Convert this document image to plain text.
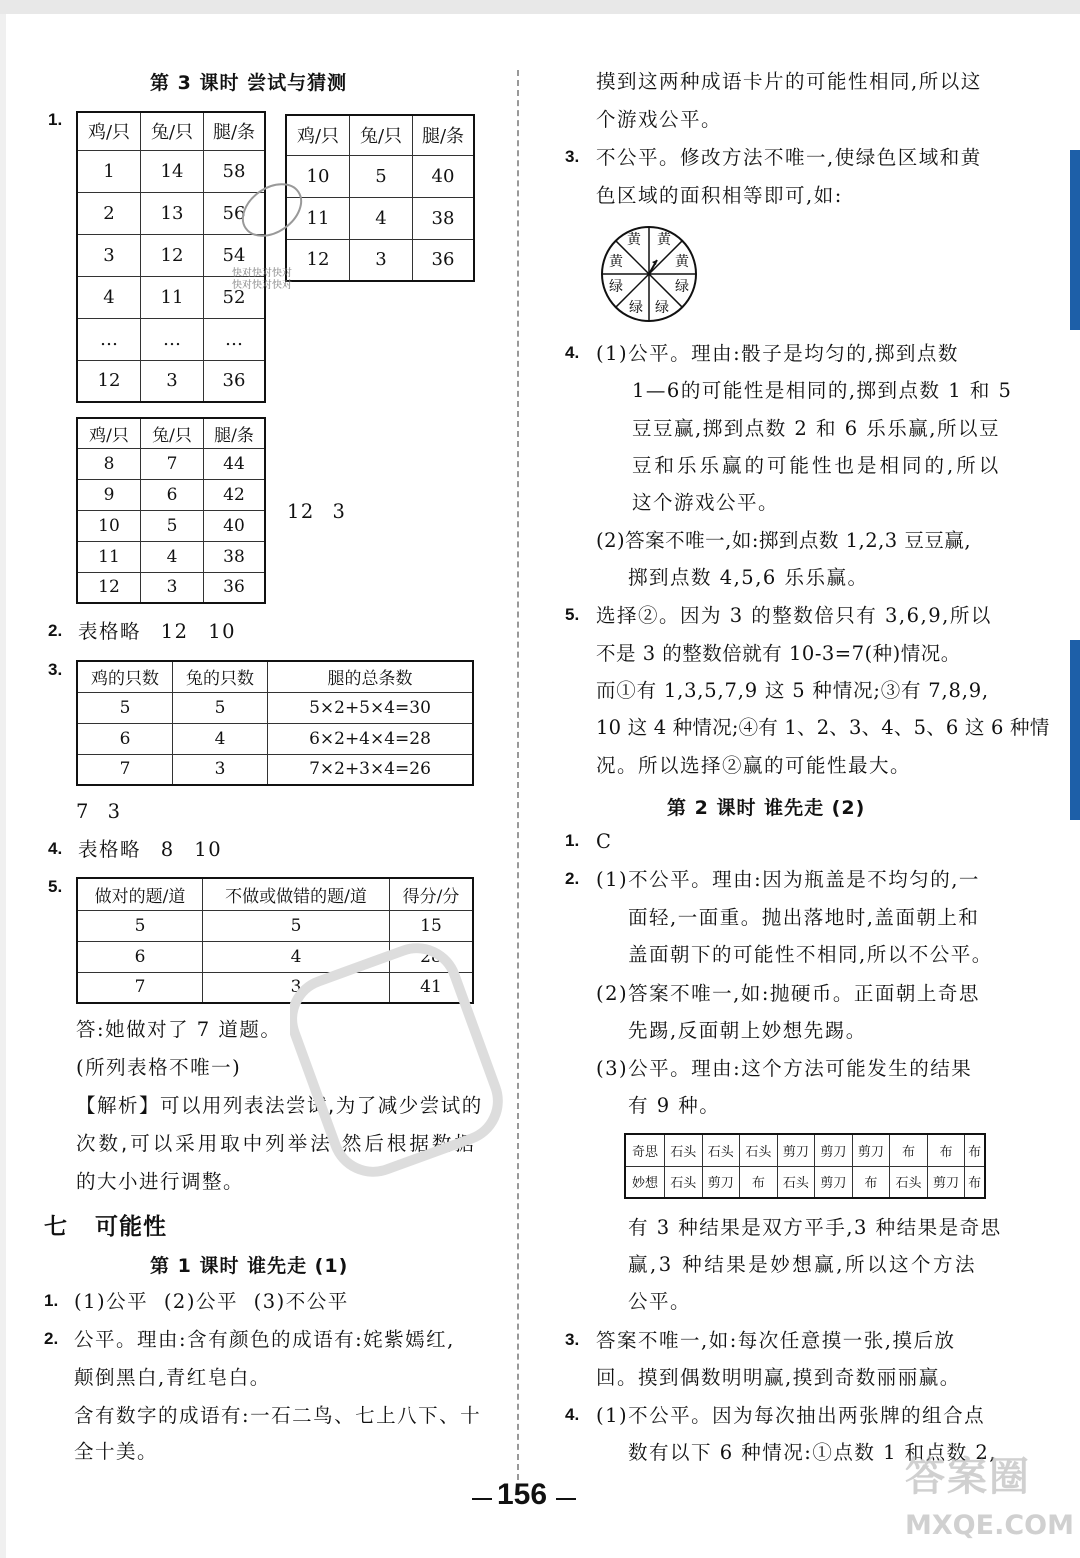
第 3 课时 尝试与猜测
1.
鸡/只	兔/只	腿/条
1	14	58
2	13	56
3	12	54
4	11	52
…	…	…
12	3	36
鸡/只	兔/只	腿/条
10	5	40
11	4	38
12	3	36
鸡/只	兔/只	腿/条
8	7	44
9	6	42
10	5	40
11	4	38
12	3	36
12 3
2. 表格略 12 10
3. 鸡的只数	兔的只数	腿的总条数
5	5	5×2+5×4=30
6	4	6×2+4×4=28
7	3	7×2+3×4=26
7 3
4. 表格略 8 10
5.
做对的题/道	不做或做错的题/道	得分/分
5	5	15
6	4	28
7	3	41
答:她做对了 7 道题。
(所列表格不唯一)
【解析】可以用列表法尝试,为了减少尝试的
次数,可以采用取中列举法,然后根据数据
的大小进行调整。
七 可能性
第 1 课时 谁先走 (1)
1. (1)公平 (2)公平 (3)不公平
2. 公平。理由:含有颜色的成语有:姹紫嫣红,
颠倒黑白,青红皂白。
含有数字的成语有:一石二鸟、七上八下、十
全十美。
摸到这两种成语卡片的可能性相同,所以这
个游戏公平。
3. 不公平。修改方法不唯一,使绿色区域和黄
色区域的面积相等即可,如:
黄 黄
黄	黄
绿	绿
绿 绿
4. (1)公平。理由:骰子是均匀的,掷到点数
1—6的可能性是相同的,掷到点数 1 和 5
豆豆赢,掷到点数 2 和 6 乐乐赢,所以豆
豆和乐乐赢的可能性也是相同的,所以
这个游戏公平。
(2)答案不唯一,如:掷到点数 1,2,3 豆豆赢,
掷到点数 4,5,6 乐乐赢。
5. 选择②。因为 3 的整数倍只有 3,6,9,所以
不是 3 的整数倍就有 10-3=7(种)情况。
而①有 1,3,5,7,9 这 5 种情况;③有 7,8,9,
10 这 4 种情况;④有 1、2、3、4、5、6 这 6 种情
况。所以选择②赢的可能性最大。
第 2 课时 谁先走 (2)
1. C
2. (1)不公平。理由:因为瓶盖是不均匀的,一
面轻,一面重。抛出落地时,盖面朝上和
盖面朝下的可能性不相同,所以不公平。
(2)答案不唯一,如:抛硬币。正面朝上奇思
先踢,反面朝上妙想先踢。
(3)公平。理由:这个方法可能发生的结果
有 9 种。
奇思	石头	石头	石头	剪刀	剪刀	剪刀	布	布	布
妙想	石头	剪刀	布	石头	剪刀	布	石头	剪刀	布
有 3 种结果是双方平手,3 种结果是奇思
赢,3 种结果是妙想赢,所以这个方法
公平。
3. 答案不唯一,如:每次任意摸一张,摸后放
回。摸到偶数明明赢,摸到奇数丽丽赢。
4. (1)不公平。因为每次抽出两张牌的组合点
数有以下 6 种情况:①点数 1 和点数 2,
156	答案圈
MXQE.COM
快对快对快对
快对快对快对
